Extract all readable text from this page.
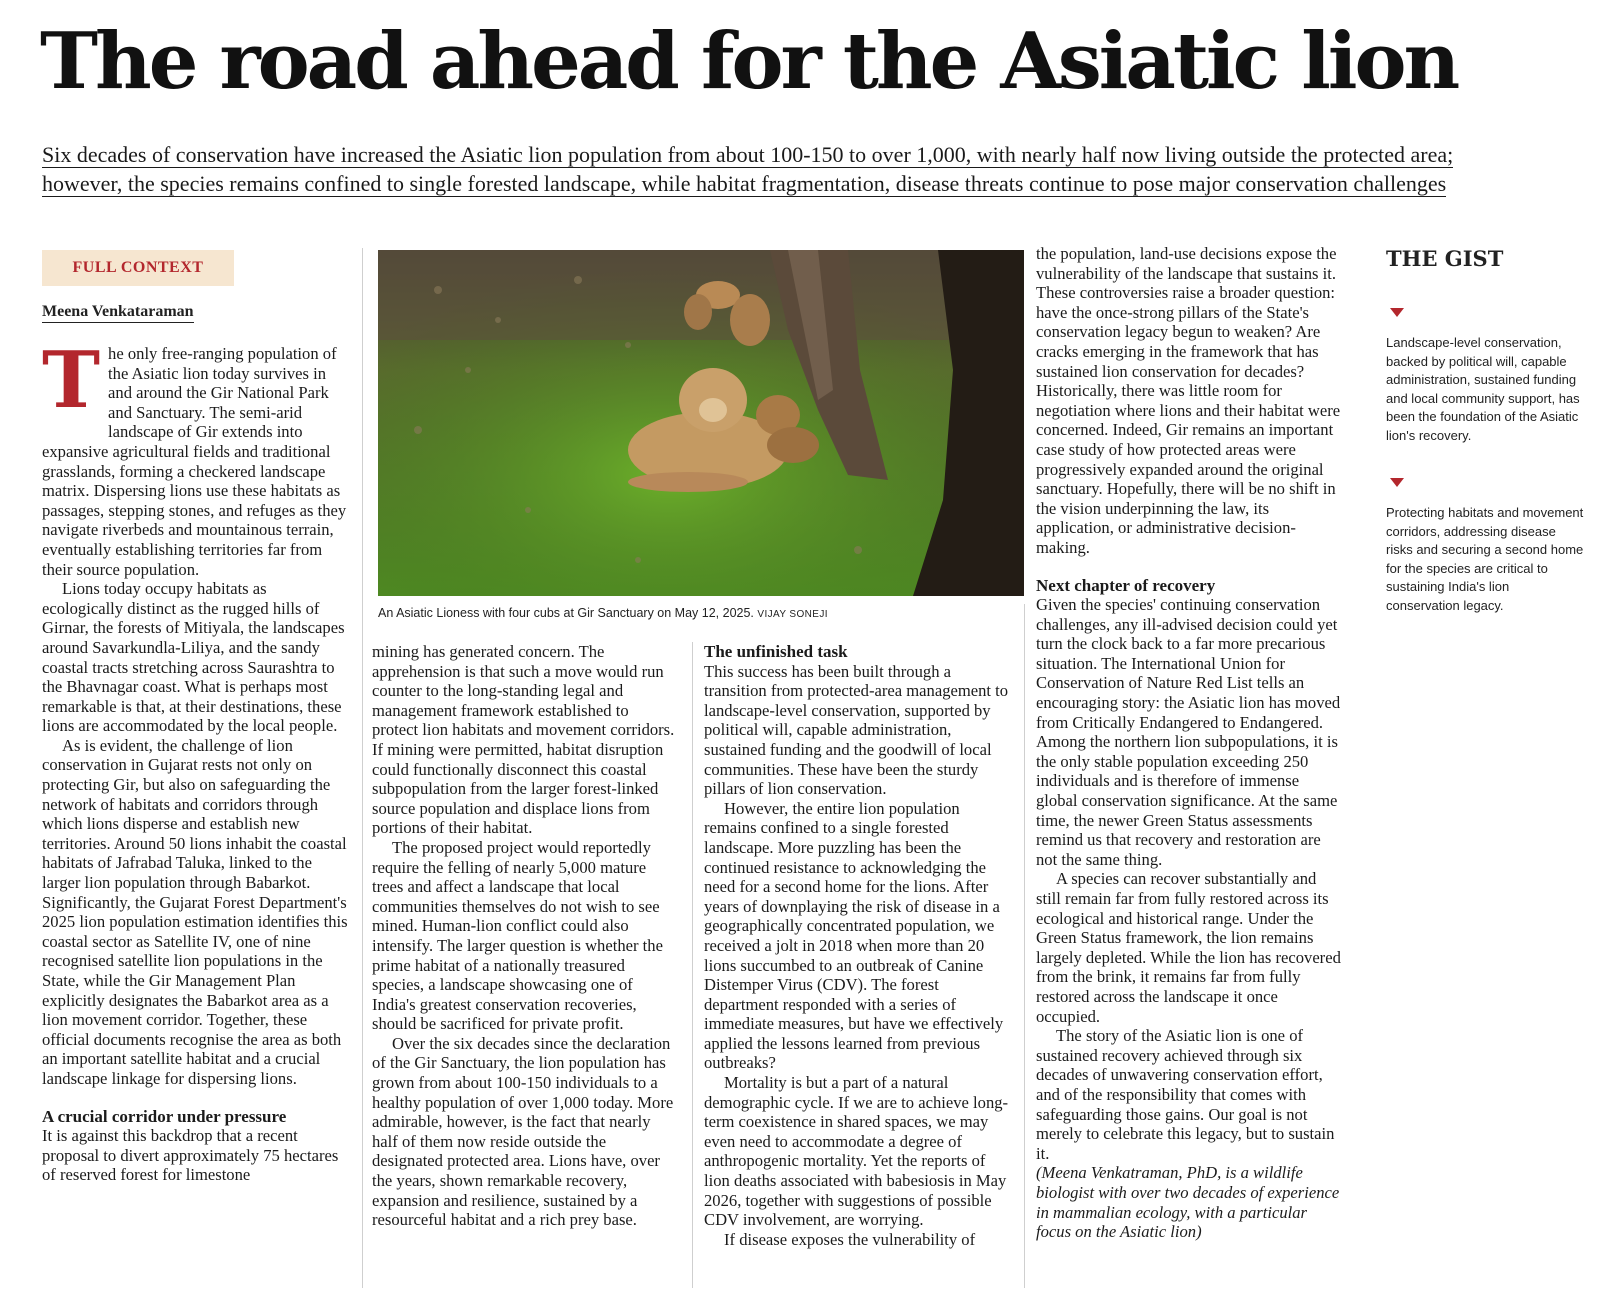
The road ahead for the Asiatic lion
Six decades of conservation have increased the Asiatic lion population from about 100-150 to over 1,000, with nearly half now living outside the protected area;
however, the species remains confined to single forested landscape, while habitat fragmentation, disease threats continue to pose major conservation challenges
FULL CONTEXT
Meena Venkataraman
T he only free-ranging population of the Asiatic lion today survives in and around the Gir National Park and Sanctuary. The semi-arid landscape of Gir extends into expansive agricultural fields and traditional grasslands, forming a checkered landscape matrix. Dispersing lions use these habitats as passages, stepping stones, and refuges as they navigate riverbeds and mountainous terrain, eventually establishing territories far from their source population.

Lions today occupy habitats as ecologically distinct as the rugged hills of Girnar, the forests of Mitiyala, the landscapes around Savarkundla-Liliya, and the sandy coastal tracts stretching across Saurashtra to the Bhavnagar coast. What is perhaps most remarkable is that, at their destinations, these lions are accommodated by the local people.

As is evident, the challenge of lion conservation in Gujarat rests not only on protecting Gir, but also on safeguarding the network of habitats and corridors through which lions disperse and establish new territories. Around 50 lions inhabit the coastal habitats of Jafrabad Taluka, linked to the larger lion population through Babarkot. Significantly, the Gujarat Forest Department's 2025 lion population estimation identifies this coastal sector as Satellite IV, one of nine recognised satellite lion populations in the State, while the Gir Management Plan explicitly designates the Babarkot area as a lion movement corridor. Together, these official documents recognise the area as both an important satellite habitat and a crucial landscape linkage for dispersing lions.

A crucial corridor under pressure

It is against this backdrop that a recent proposal to divert approximately 75 hectares of reserved forest for limestone

An Asiatic Lioness with four cubs at Gir Sanctuary on May 12, 2025. VIJAY SONEJI

mining has generated concern. The apprehension is that such a move would run counter to the long-standing legal and management framework established to protect lion habitats and movement corridors. If mining were permitted, habitat disruption could functionally disconnect this coastal subpopulation from the larger forest-linked source population and displace lions from portions of their habitat.

The proposed project would reportedly require the felling of nearly 5,000 mature trees and affect a landscape that local communities themselves do not wish to see mined. Human-lion conflict could also intensify. The larger question is whether the prime habitat of a nationally treasured species, a landscape showcasing one of India's greatest conservation recoveries, should be sacrificed for private profit.

Over the six decades since the declaration of the Gir Sanctuary, the lion population has grown from about 100-150 individuals to a healthy population of over 1,000 today. More admirable, however, is the fact that nearly half of them now reside outside the designated protected area. Lions have, over the years, shown remarkable recovery, expansion and resilience, sustained by a resourceful habitat and a rich prey base.

The unfinished task

This success has been built through a transition from protected-area management to landscape-level conservation, supported by political will, capable administration, sustained funding and the goodwill of local communities. These have been the sturdy pillars of lion conservation.

However, the entire lion population remains confined to a single forested landscape. More puzzling has been the continued resistance to acknowledging the need for a second home for the lions. After years of downplaying the risk of disease in a geographically concentrated population, we received a jolt in 2018 when more than 20 lions succumbed to an outbreak of Canine Distemper Virus (CDV). The forest department responded with a series of immediate measures, but have we effectively applied the lessons learned from previous outbreaks?

Mortality is but a part of a natural demographic cycle. If we are to achieve long-term coexistence in shared spaces, we may even need to accommodate a degree of anthropogenic mortality. Yet the reports of lion deaths associated with babesiosis in May 2026, together with suggestions of possible CDV involvement, are worrying.

If disease exposes the vulnerability of

the population, land-use decisions expose the vulnerability of the landscape that sustains it. These controversies raise a broader question: have the once-strong pillars of the State's conservation legacy begun to weaken? Are cracks emerging in the framework that has sustained lion conservation for decades? Historically, there was little room for negotiation where lions and their habitat were concerned. Indeed, Gir remains an important case study of how protected areas were progressively expanded around the original sanctuary. Hopefully, there will be no shift in the vision underpinning the law, its application, or administrative decision-making.

Next chapter of recovery

Given the species' continuing conservation challenges, any ill-advised decision could yet turn the clock back to a far more precarious situation. The International Union for Conservation of Nature Red List tells an encouraging story: the Asiatic lion has moved from Critically Endangered to Endangered. Among the northern lion subpopulations, it is the only stable population exceeding 250 individuals and is therefore of immense global conservation significance. At the same time, the newer Green Status assessments remind us that recovery and restoration are not the same thing.

A species can recover substantially and still remain far from fully restored across its ecological and historical range. Under the Green Status framework, the lion remains largely depleted. While the lion has recovered from the brink, it remains far from fully restored across the landscape it once occupied.

The story of the Asiatic lion is one of sustained recovery achieved through six decades of unwavering conservation effort, and of the responsibility that comes with safeguarding those gains. Our goal is not merely to celebrate this legacy, but to sustain it.

(Meena Venkatraman, PhD, is a wildlife biologist with over two decades of experience in mammalian ecology, with a particular focus on the Asiatic lion)

THE GIST
Landscape-level conservation, backed by political will, capable administration, sustained funding and local community support, has been the foundation of the Asiatic lion's recovery.
Protecting habitats and movement corridors, addressing disease risks and securing a second home for the species are critical to sustaining India's lion conservation legacy.
